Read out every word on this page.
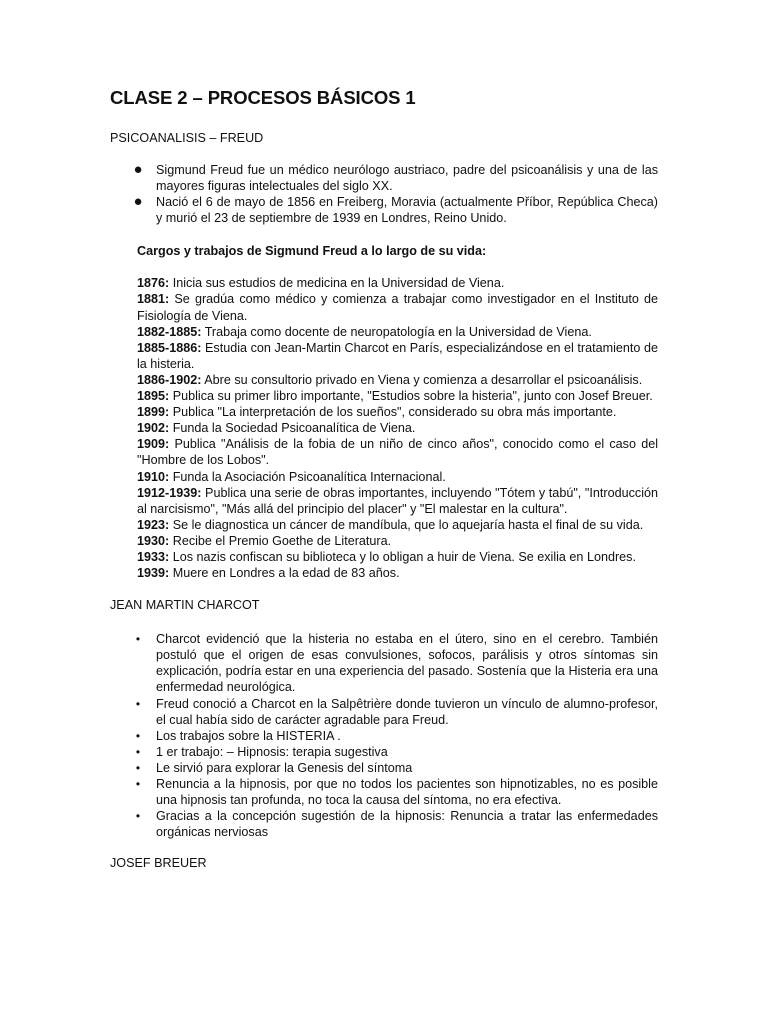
CLASE 2 – PROCESOS BÁSICOS 1

PSICOANALISIS – FREUD

● Sigmund Freud fue un médico neurólogo austriaco, padre del psicoanálisis y una de las mayores figuras intelectuales del siglo XX.
● Nació el 6 de mayo de 1856 en Freiberg, Moravia (actualmente Příbor, República Checa) y murió el 23 de septiembre de 1939 en Londres, Reino Unido.

Cargos y trabajos de Sigmund Freud a lo largo de su vida:

1876: Inicia sus estudios de medicina en la Universidad de Viena.
1881: Se gradúa como médico y comienza a trabajar como investigador en el Instituto de Fisiología de Viena.
1882-1885: Trabaja como docente de neuropatología en la Universidad de Viena.
1885-1886: Estudia con Jean-Martin Charcot en París, especializándose en el tratamiento de la histeria.
1886-1902: Abre su consultorio privado en Viena y comienza a desarrollar el psicoanálisis.
1895: Publica su primer libro importante, "Estudios sobre la histeria", junto con Josef Breuer.
1899: Publica "La interpretación de los sueños", considerado su obra más importante.
1902: Funda la Sociedad Psicoanalítica de Viena.
1909: Publica "Análisis de la fobia de un niño de cinco años", conocido como el caso del "Hombre de los Lobos".
1910: Funda la Asociación Psicoanalítica Internacional.
1912-1939: Publica una serie de obras importantes, incluyendo "Tótem y tabú", "Introducción al narcisismo", "Más allá del principio del placer" y "El malestar en la cultura".
1923: Se le diagnostica un cáncer de mandíbula, que lo aquejaría hasta el final de su vida.
1930: Recibe el Premio Goethe de Literatura.
1933: Los nazis confiscan su biblioteca y lo obligan a huir de Viena. Se exilia en Londres.
1939: Muere en Londres a la edad de 83 años.

JEAN MARTIN CHARCOT

•	Charcot evidenció que la histeria no estaba en el útero, sino en el cerebro. También postuló que el origen de esas convulsiones, sofocos, parálisis y otros síntomas sin explicación, podría estar en una experiencia del pasado. Sostenía que la Histeria era una enfermedad neurológica.
•	Freud conoció a Charcot en la Salpêtrière donde tuvieron un vínculo de alumno-profesor, el cual había sido de carácter agradable para Freud.
•	Los trabajos sobre la HISTERIA .
•	1 er trabajo: – Hipnosis: terapia sugestiva
•	Le sirvió para explorar la Genesis del síntoma
•	Renuncia a la hipnosis, por que no todos los pacientes son hipnotizables, no es posible una hipnosis tan profunda, no toca la causa del síntoma, no era efectiva.
•	Gracias a la concepción sugestión de la hipnosis: Renuncia a tratar las enfermedades orgánicas nerviosas

JOSEF BREUER
